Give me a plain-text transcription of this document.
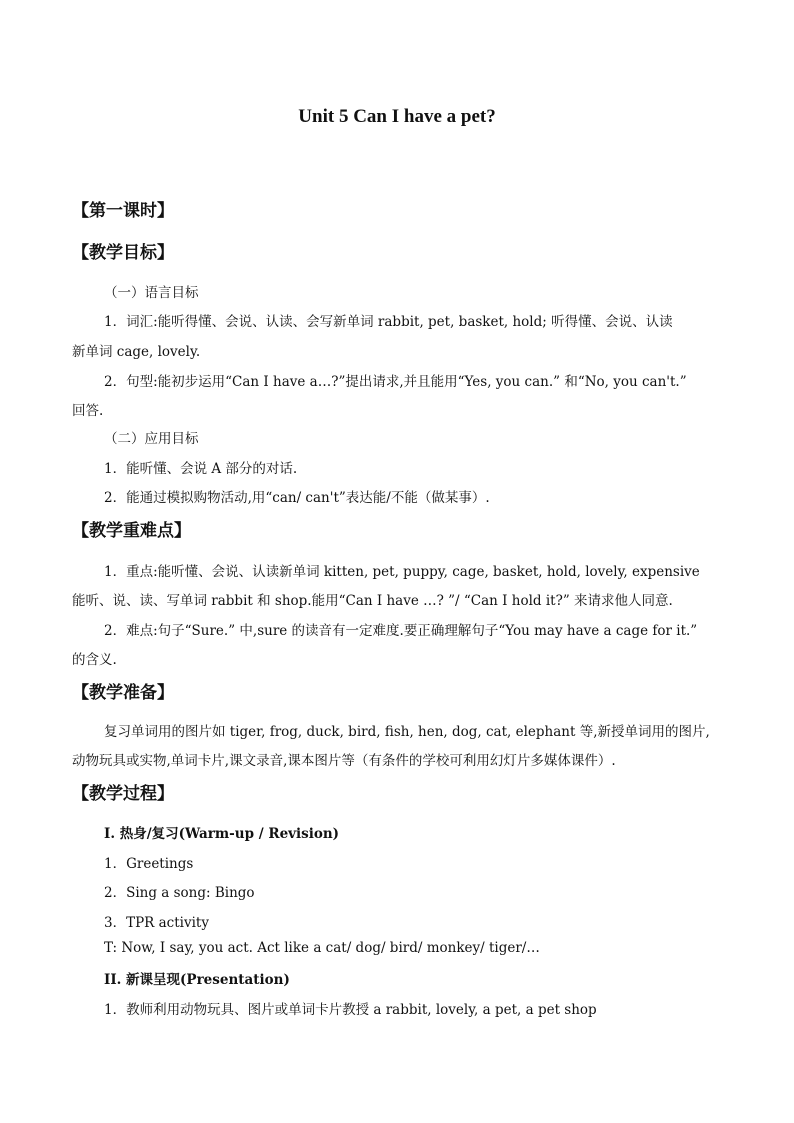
Unit 5 Can I have a pet?
【第一课时】
【教学目标】
（一）语言目标
1．词汇:能听得懂、会说、认读、会写新单词 rabbit, pet, basket, hold; 听得懂、会说、认读
新单词 cage, lovely.
2．句型:能初步运用“Can I have a…?”提出请求,并且能用“Yes, you can.” 和“No, you can't.”
回答.
（二）应用目标
1．能听懂、会说 A 部分的对话.
2．能通过模拟购物活动,用“can/ can't”表达能/不能（做某事）.
【教学重难点】
1．重点:能听懂、会说、认读新单词 kitten, pet, puppy, cage, basket, hold, lovely, expensive
能听、说、读、写单词 rabbit 和 shop.能用“Can I have …? ”/ “Can I hold it?” 来请求他人同意.
2．难点:句子“Sure.” 中,sure 的读音有一定难度.要正确理解句子“You may have a cage for it.”
的含义.
【教学准备】
复习单词用的图片如 tiger, frog, duck, bird, fish, hen, dog, cat, elephant 等,新授单词用的图片,
动物玩具或实物,单词卡片,课文录音,课本图片等（有条件的学校可利用幻灯片多媒体课件）.
【教学过程】
I. 热身/复习(Warm-up / Revision)
1．Greetings
2．Sing a song: Bingo
3．TPR activity
T: Now, I say, you act. Act like a cat/ dog/ bird/ monkey/ tiger/…
II. 新课呈现(Presentation)
1．教师利用动物玩具、图片或单词卡片教授 a rabbit, lovely, a pet, a pet shop
